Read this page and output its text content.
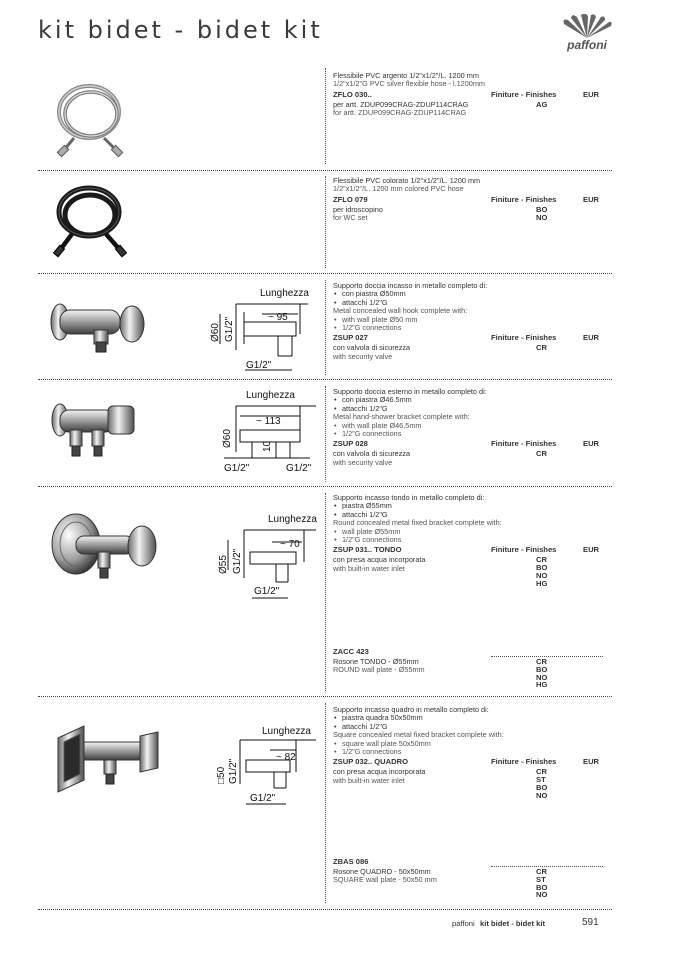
kit bidet - bidet kit
paffoni

Flessibile PVC argento 1/2"x1/2"/L. 1200 mm

1/2"x1/2"G PVC silver flexible hose - l.1200mm

ZFLO 030..	Finiture - Finishes	EUR

per artt. ZDUP099CRAG-ZDUP114CRAG

for artt. ZDUP099CRAG-ZDUP114CRAG

AG

Flessibile PVC colorato 1/2"x1/2"/L. 1200 mm

1/2"x1/2"/L. 1200 mm colored PVC hose

ZFLO 079	Finiture - Finishes	EUR

per idroscopino

for WC set

BO
NO
Lunghezza
~ 95
Ø60 G1/2"
G1/2"

Supporto doccia incasso in metallo completo di:

• con piastra Ø50mm
• attacchi 1/2"G

Metal concealed wall hook complete with:

• with wall plate Ø50 mm
• 1/2"G connections
ZSUP 027	Finiture - Finishes	EUR

con valvola di sicurezza

with security valve

CR
Lunghezza
~ 113
Ø60	10
G1/2"	G1/2"

Supporto doccia esterno in metallo completo di:

• con piastra Ø46.5mm
• attacchi 1/2"G

Metal hand-shower bracket complete with:

• with wall plate Ø46,5mm
• 1/2"G connections
ZSUP 028	Finiture - Finishes	EUR

con valvola di sicurezza

with security valve

CR
Lunghezza
~ 70
Ø55 G1/2"
G1/2"

Supporto incasso tondo in metallo completo di:

• piastra Ø55mm
• attacchi 1/2"G

Round concealed metal fixed bracket complete with:

• wall plate Ø55mm
• 1/2"G connections
ZSUP 031.. TONDO	Finiture - Finishes	EUR

con presa acqua incorporata

with built-in water inlet

CR
BO
NO
HG
ZACC 423

Rosone TONDO - Ø55mm

ROUND wall plate - Ø55mm

CR
BO
NO
HG
Lunghezza
~ 82
□50 G1/2"
G1/2"

Supporto incasso quadro in metallo completo di:

• piastra quadra 50x50mm
• attacchi 1/2"G

Square concealed metal fixed bracket complete with:

• square wall plate 50x50mm
• 1/2"G connections
ZSUP 032.. QUADRO	Finiture - Finishes	EUR

con presa acqua incorporata

with built-in water inlet

CR
ST
BO
NO
ZBAS 086

Rosone QUADRO - 50x50mm

SQUARE wall plate - 50x50 mm

CR
ST
BO
NO
paffoni kit bidet - bidet kit	591
